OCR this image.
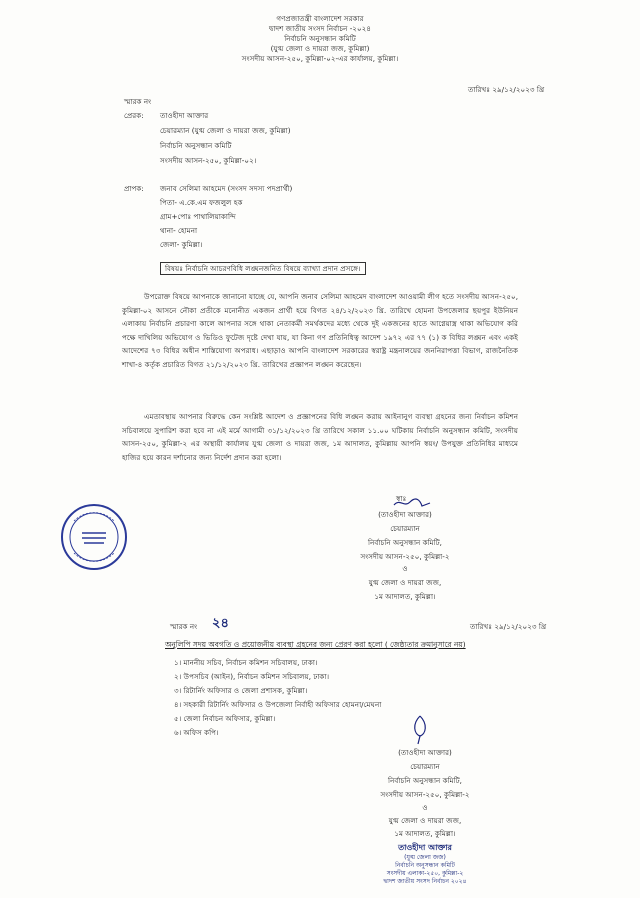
গণপ্রজাতন্ত্রী বাংলাদেশ সরকার
দ্বাদশ জাতীয় সংসদ নির্বাচন -২০২৪
নির্বাচনি অনুসন্ধান কমিটি
(যুগ্ম জেলা ও দায়রা জজ, কুমিল্লা)
সংসদীয় আসন-২৫০, কুমিল্লা-০২-এর কার্যালয়, কুমিল্লা।
তারিখঃ ২৯/১২/২০২৩ খ্রি
স্মারক নং
প্রেরক: তাওহীদা আক্তার
চেয়ারম্যান (যুগ্ম জেলা ও দায়রা জজ, কুমিল্লা)
নির্বাচনি অনুসন্ধান কমিটি
সংসদীয় আসন-২৫০, কুমিল্লা-০২।
প্রাপক: জনাব সেলিমা আহমেদ (সংসদ সদস্য পদপ্রার্থী)
পিতা- এ.কে.এম ফজলুল হক
গ্রাম+পোঃ পাথালিয়াকান্দি
থানা- হোমনা
জেলা- কুমিল্লা।
বিষয়ঃ নির্বাচনি আচরণবিধি লঙ্ঘনজনিত বিষয়ে ব্যাখ্যা প্রদান প্রসঙ্গে।
উপরোক্ত বিষয়ে আপনাকে জানানো যাচ্ছে যে, আপনি জনাব সেলিমা আহমেদ বাংলাদেশ আওয়ামী লীগ হতে সংসদীয় আসন-২৫০, কুমিল্লা-০২ আসনে নৌকা প্রতীকে মনোনীত একজন প্রার্থী হয়ে বিগত ২৪/১২/২০২৩ খ্রি. তারিখে হোমনা উপজেলার ছয়পুর ইউনিয়ন এলাকায় নির্বাচনি প্রচারণা কালে আপনার সঙ্গে থাকা নেতাকর্মী সমর্থকদের মধ্যে থেকে দুই একজনের হাতে আগ্নেয়াস্ত্র থাকা অভিযোগ করি পক্ষে দাখিলিয় অভিযোগ ও ভিডিও ফুটেজ দৃষ্টে দেখা যায়, যা কিনা গণ প্রতিনিধিত্ব আদেশ ১৯৭২ এর ৭৭ (১) ক বিধির লঙ্ঘন এবং একই আদেশের ৭৩ বিধির অধীন শাস্তিযোগ্য অপরাধ। এছাড়াও আপনি বাংলাদেশ সরকারের স্বরাষ্ট্র মন্ত্রনালয়ের জননিরাপত্তা বিভাগ, রাজনৈতিক শাখা-৪ কর্তৃক প্রচারিত বিগত ২১/১২/২০২৩ খ্রি. তারিখের প্রজ্ঞাপন লঙ্ঘন করেছেন।
এমতাবস্থায় আপনার বিরুদ্ধে কেন সংশ্লিষ্ট আদেশ ও প্রজ্ঞাপনের বিধি লঙ্ঘন করায় আইনানুগ ব্যবস্থা গ্রহনের জন্য নির্বাচন কমিশন সচিবালয়ে সুপারিশ করা হবে না এই মর্মে আগামী ৩১/১২/২০২৩ খ্রি তারিখে সকাল ১১.০০ ঘটিকায় নির্বাচনি অনুসন্ধান কমিটি, সংসদীয় আসন-২৫০, কুমিল্লা-২ এর অস্থায়ী কার্যালয় যুগ্ম জেলা ও দায়রা জজ, ১ম আদালত, কুমিল্লায় আপনি স্বয়ং/ উপযুক্ত প্রতিনিধির মাধ্যমে হাজির হয়ে কারন দর্শানোর জন্য নির্দেশ প্রদান করা হলো।
স্বাঃ
(তাওহীদা আক্তার)
চেয়ারম্যান
নির্বাচনি অনুসন্ধান কমিটি,
সংসদীয় আসন-২৫০, কুমিল্লা-২
ও
যুগ্ম জেলা ও দায়রা জজ,
১ম আদালত, কুমিল্লা।
স্মারক নং ২৪	তারিখঃ ২৯/১২/২০২৩ খ্রি
অনুলিপি সদয় অবগতি ও প্রয়োজনীয় ব্যবস্থা গ্রহনের জন্য প্রেরণ করা হলো ( জেষ্ঠ্যতার ক্রমানুসারে নয়)
১। মাননীয় সচিব, নির্বাচন কমিশন সচিবালয়, ঢাকা।
২। উপসচিব (আইন), নির্বাচন কমিশন সচিবালয়, ঢাকা।
৩। রিটার্নিং অফিসার ও জেলা প্রশাসক, কুমিল্লা।
৪। সহকারী রিটার্নিং অফিসার ও উপজেলা নির্বাহী অফিসার হোমনা/মেঘনা
৫। জেলা নির্বাচন অফিসার, কুমিল্লা।
৬। অফিস কপি।
(তাওহীদা আক্তার)
চেয়ারম্যান
নির্বাচনি অনুসন্ধান কমিটি,
সংসদীয় আসন-২৫০, কুমিল্লা-২
ও
যুগ্ম জেলা ও দায়রা জজ,
১ম আদালত, কুমিল্লা।
তাওহীদা আক্তার
(যুগ্ম জেলা জজ)
নির্বাচনি অনুসন্ধান কমিটি
সংসদীয় এলাকা-২৫০, কুমিল্লা-২
দ্বাদশ জাতীয় সংসদ নির্বাচন ২০২৪
